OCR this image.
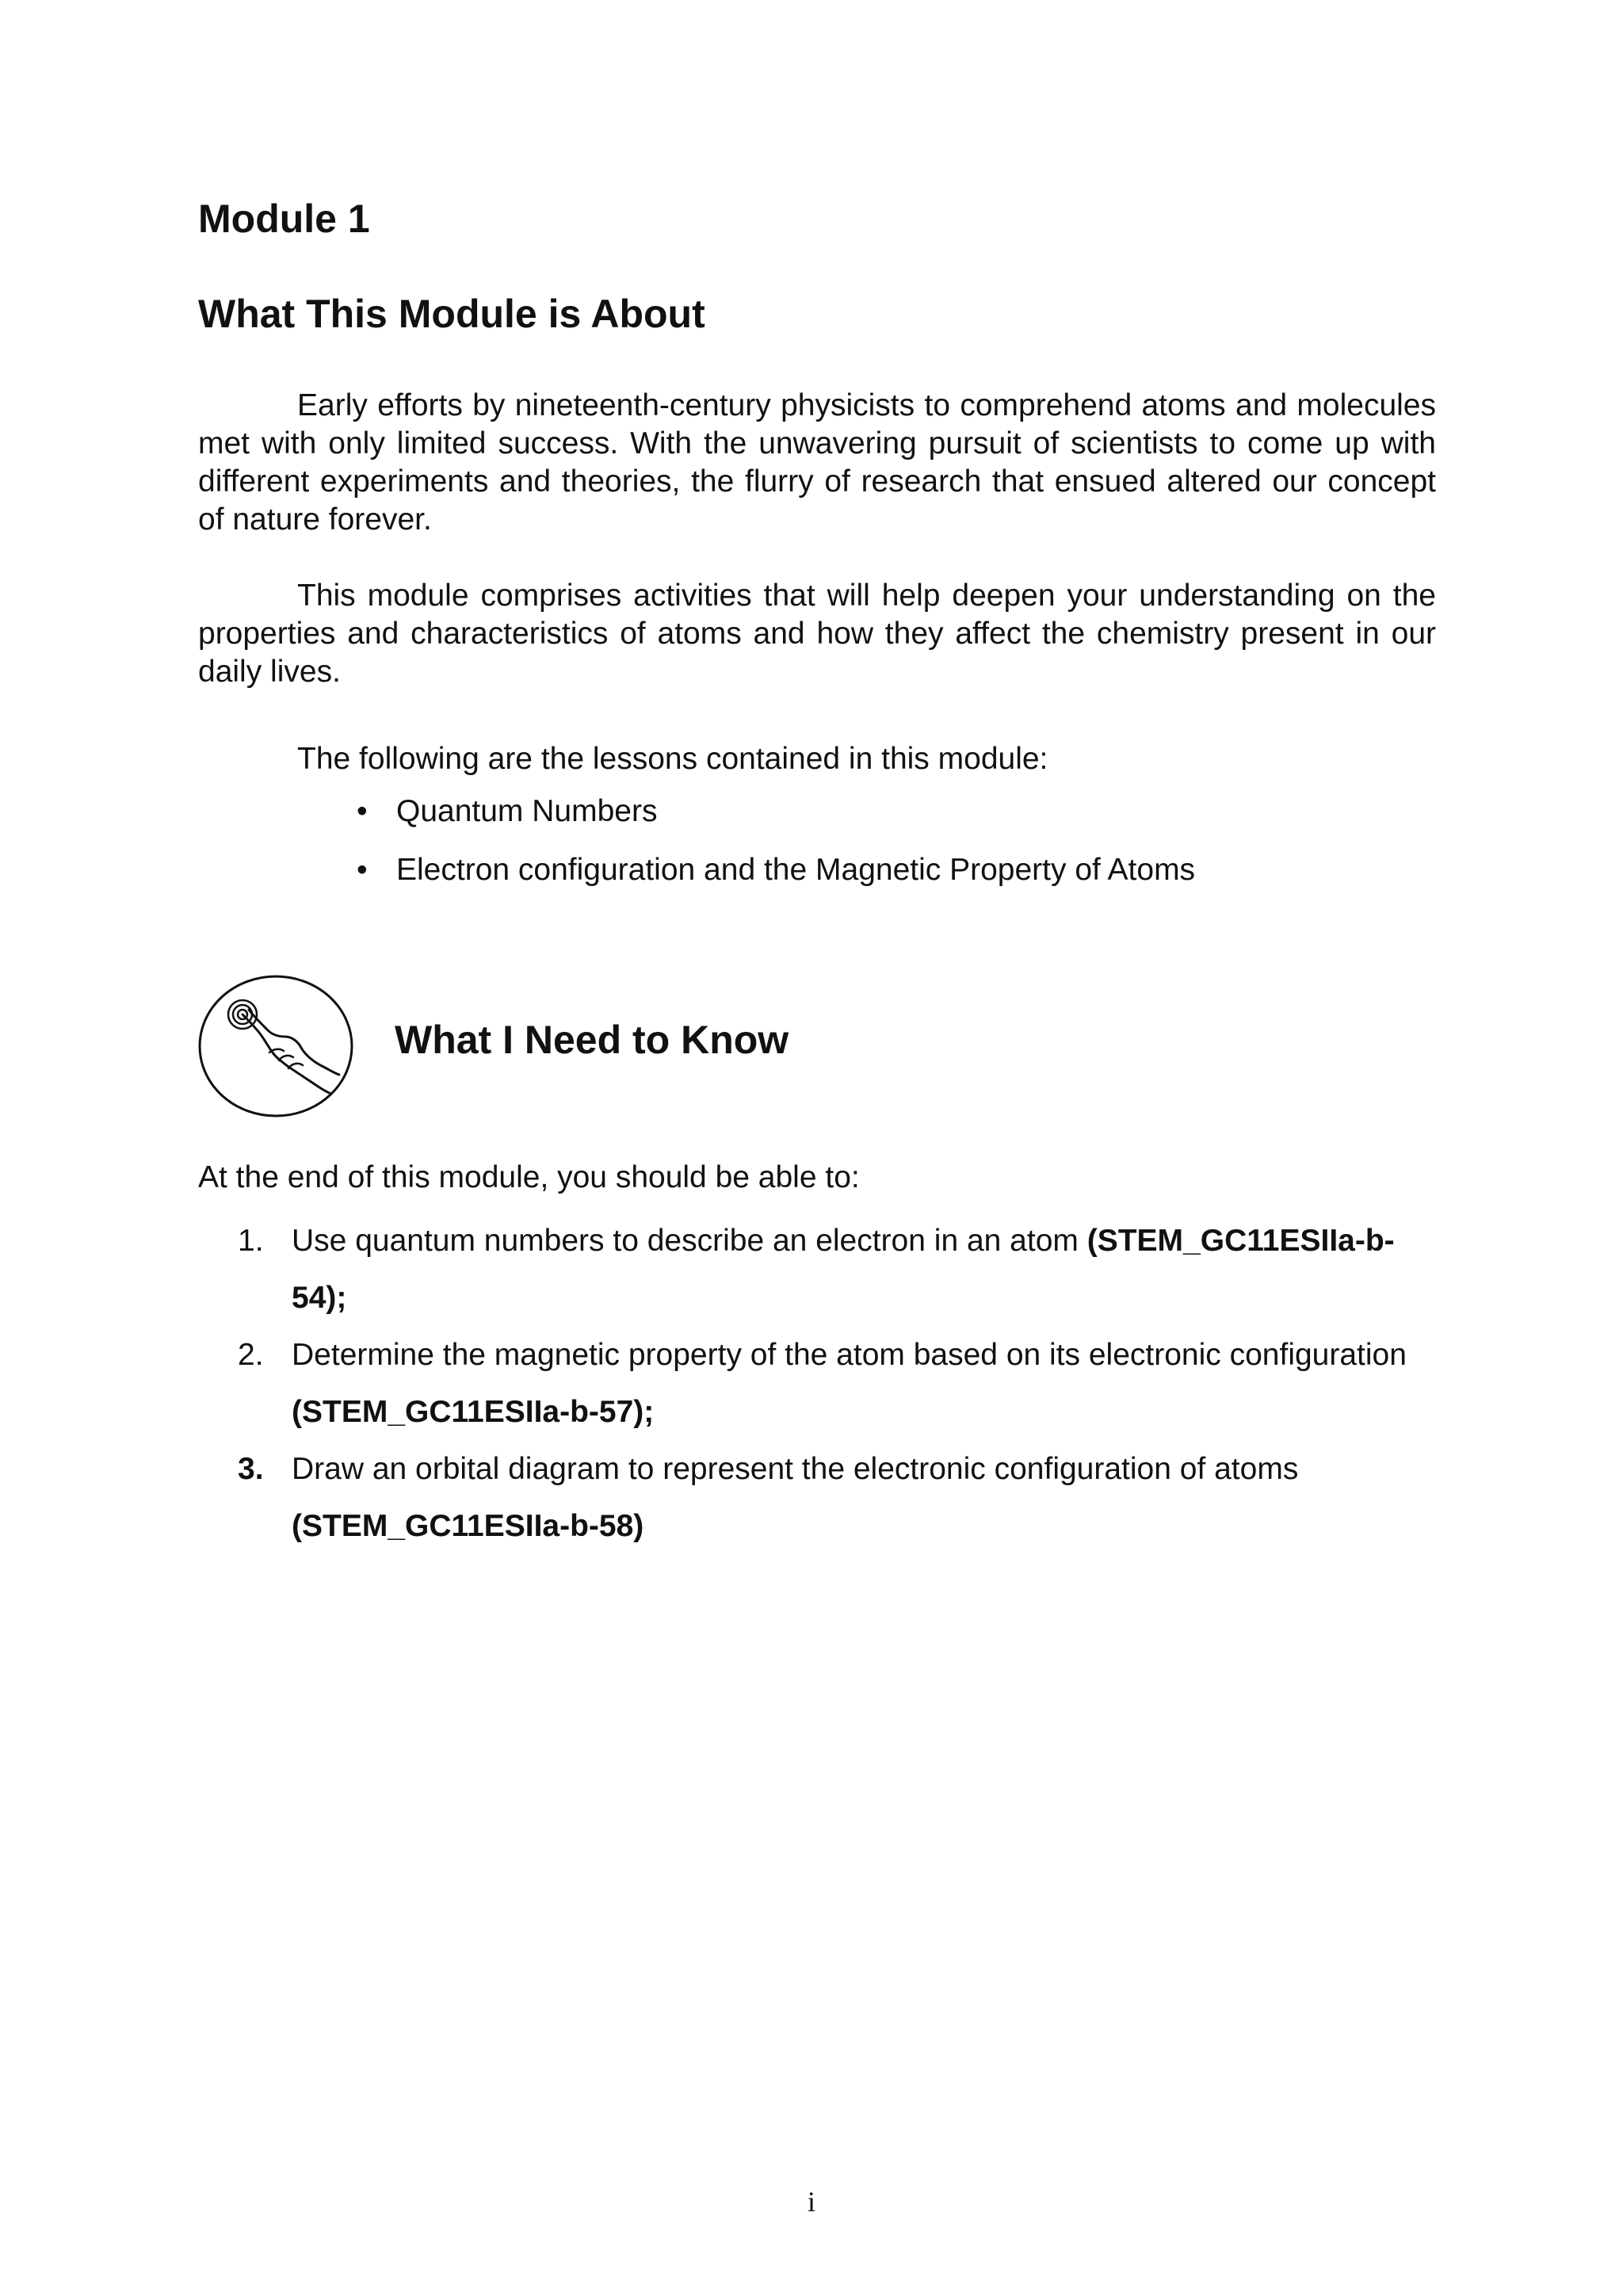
Module 1
What This Module is About

Early efforts by nineteenth-century physicists to comprehend atoms and molecules met with only limited success. With the unwavering pursuit of scientists to come up with different experiments and theories, the flurry of research that ensued altered our concept of nature forever.

This module comprises activities that will help deepen your understanding on the properties and characteristics of atoms and how they affect the chemistry present in our daily lives.

The following are the lessons contained in this module:

• Quantum Numbers
• Electron configuration and the Magnetic Property of Atoms
What I Need to Know

At the end of this module, you should be able to:

1. Use quantum numbers to describe an electron in an atom (STEM_GC11ESIIa-b-54);
2. Determine the magnetic property of the atom based on its electronic configuration (STEM_GC11ESIIa-b-57);
3. Draw an orbital diagram to represent the electronic configuration of atoms (STEM_GC11ESIIa-b-58)
i
